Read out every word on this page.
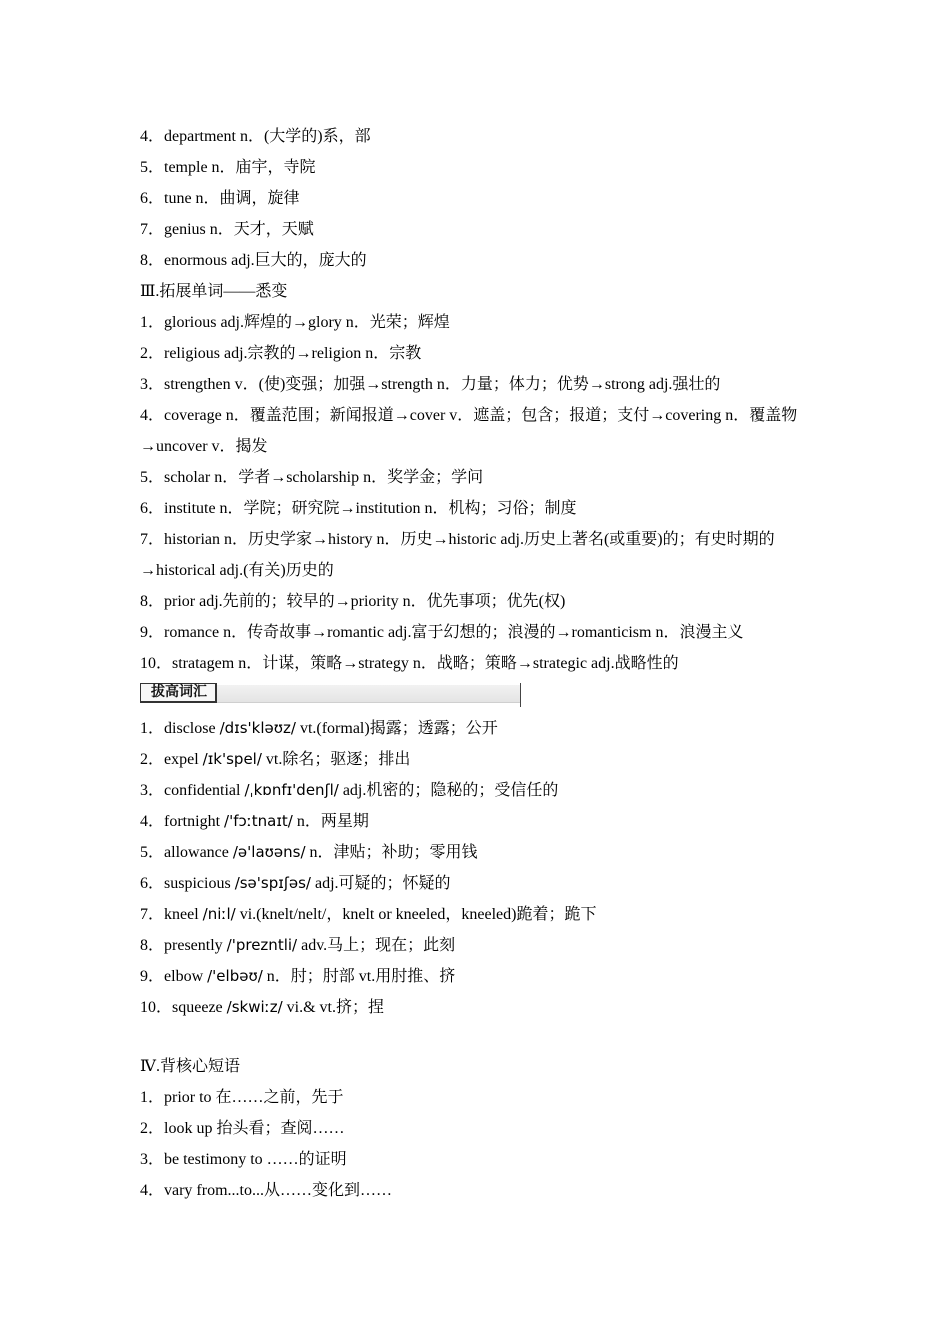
4．department n．(大学的)系，部
5．temple n．庙宇，寺院
6．tune n．曲调，旋律
7．genius n．天才，天赋
8．enormous adj.巨大的，庞大的
Ⅲ.拓展单词——悉变
1．glorious adj.辉煌的→glory n．光荣；辉煌
2．religious adj.宗教的→religion n．宗教
3．strengthen v．(使)变强；加强→strength n．力量；体力；优势→strong adj.强壮的
4．coverage n．覆盖范围；新闻报道→cover v．遮盖；包含；报道；支付→covering n．覆盖物→uncover v．揭发
5．scholar n．学者→scholarship n．奖学金；学问
6．institute n．学院；研究院→institution n．机构；习俗；制度
7．historian n．历史学家→history n．历史→historic adj.历史上著名(或重要)的；有史时期的→historical adj.(有关)历史的
8．prior adj.先前的；较早的→priority n．优先事项；优先(权)
9．romance n．传奇故事→romantic adj.富于幻想的；浪漫的→romanticism n．浪漫主义
10．stratagem n．计谋，策略→strategy n．战略；策略→strategic adj.战略性的
拔高词汇
1．disclose /dɪs'kləʊz/ vt.(formal)揭露；透露；公开
2．expel /ɪk'spel/ vt.除名；驱逐；排出
3．confidential /ˌkɒnfɪ'denʃl/ adj.机密的；隐秘的；受信任的
4．fortnight /'fɔːtnaɪt/ n．两星期
5．allowance /ə'laʊəns/ n．津贴；补助；零用钱
6．suspicious /sə'spɪʃəs/ adj.可疑的；怀疑的
7．kneel /niːl/ vi.(knelt/nelt/，knelt or kneeled，kneeled)跪着；跪下
8．presently /'prezntli/ adv.马上；现在；此刻
9．elbow /'elbəʊ/ n．肘；肘部 vt.用肘推、挤
10．squeeze /skwiːz/ vi.& vt.挤；捏
Ⅳ.背核心短语
1．prior to 在……之前，先于
2．look up 抬头看；查阅……
3．be testimony to ……的证明
4．vary from...to...从……变化到……
